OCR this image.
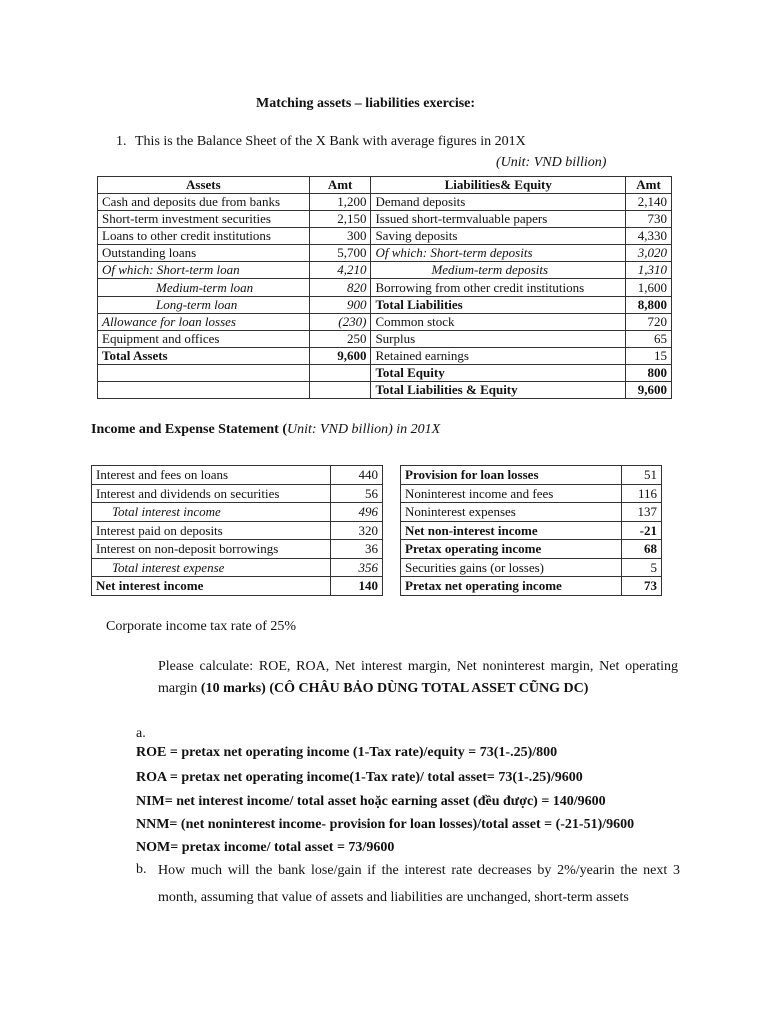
Matching assets – liabilities exercise:
1. This is the Balance Sheet of the X Bank with average figures in 201X
(Unit: VND billion)
Assets	Amt	Liabilities& Equity	Amt
Cash and deposits due from banks	1,200	Demand deposits	2,140
Short-term investment securities	2,150	Issued short-termvaluable papers	730
Loans to other credit institutions	300	Saving deposits	4,330
Outstanding loans	5,700	Of which: Short-term deposits	3,020
Of which: Short-term loan	4,210	Medium-term deposits	1,310
Medium-term loan	820	Borrowing from other credit institutions	1,600
Long-term loan	900	Total Liabilities	8,800
Allowance for loan losses	(230)	Common stock	720
Equipment and offices	250	Surplus	65
Total Assets	9,600	Retained earnings	15
		Total Equity	800
		Total Liabilities & Equity	9,600
Income and Expense Statement (Unit: VND billion) in 201X
Interest and fees on loans	440
Interest and dividends on securities	56
Total interest income	496
Interest paid on deposits	320
Interest on non-deposit borrowings	36
Total interest expense	356
Net interest income	140
Provision for loan losses	51
Noninterest income and fees	116
Noninterest expenses	137
Net non-interest income	-21
Pretax operating income	68
Securities gains (or losses)	5
Pretax net operating income	73
Corporate income tax rate of 25%
Please calculate: ROE, ROA, Net interest margin, Net noninterest margin, Net operating margin (10 marks) (CÔ CHÂU BẢO DÙNG TOTAL ASSET CŨNG DC)
a.
ROE = pretax net operating income (1-Tax rate)/equity = 73(1-.25)/800
ROA = pretax net operating income(1-Tax rate)/ total asset= 73(1-.25)/9600
NIM= net interest income/ total asset hoặc earning asset (đều được) = 140/9600
NNM= (net noninterest income- provision for loan losses)/total asset = (-21-51)/9600
NOM= pretax income/ total asset = 73/9600
b. How much will the bank lose/gain if the interest rate decreases by 2%/yearin the next 3 month, assuming that value of assets and liabilities are unchanged, short-term assets
